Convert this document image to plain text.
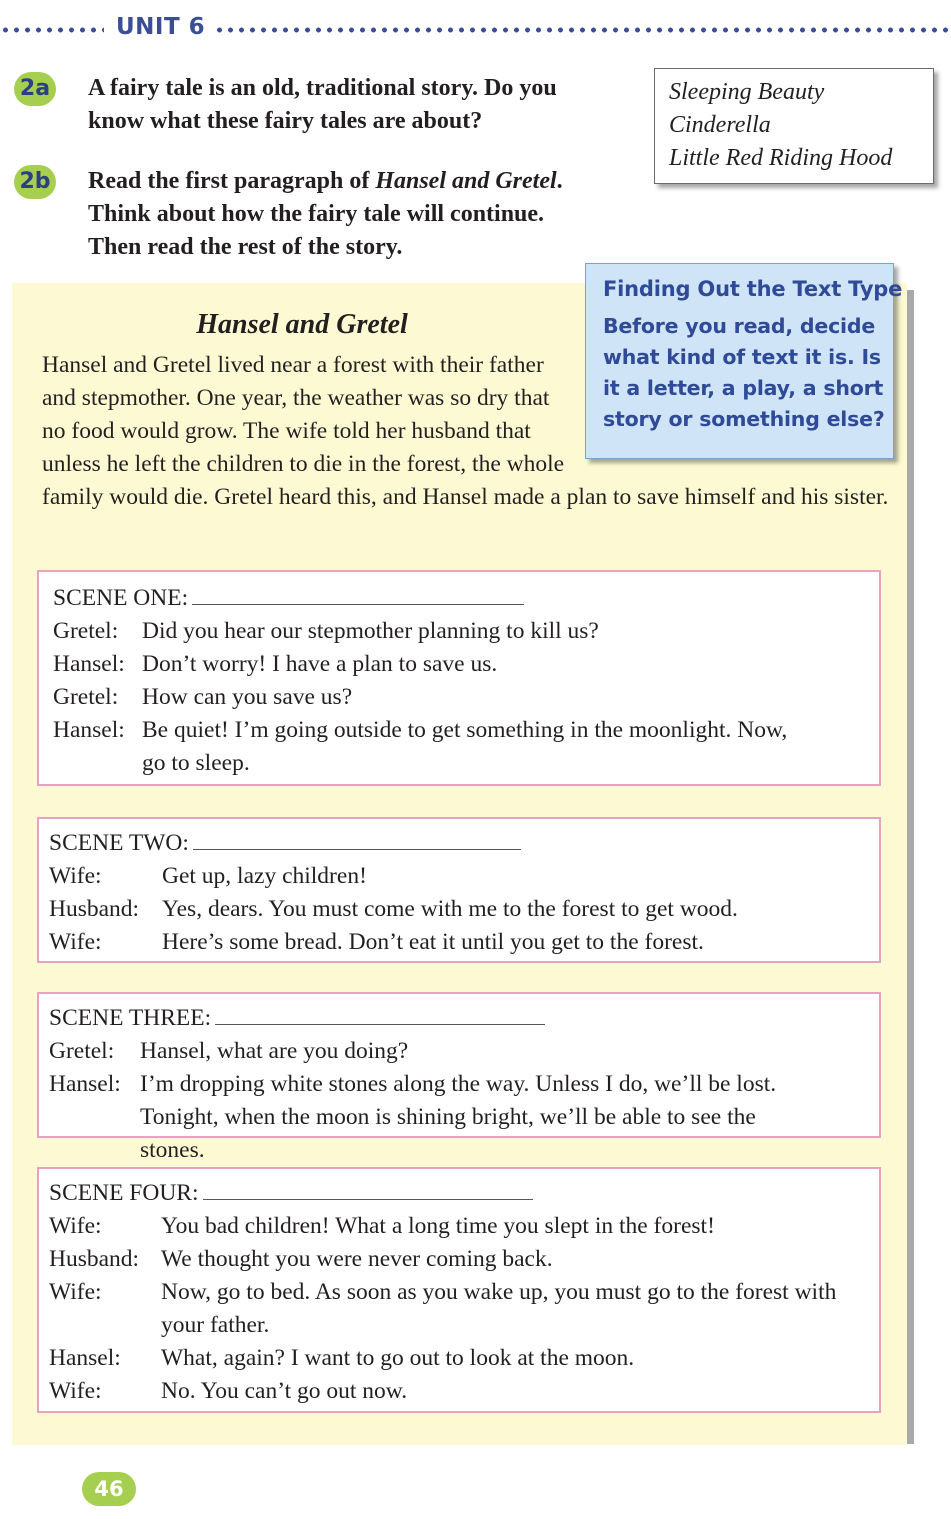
UNIT 6
2a A fairy tale is an old, traditional story. Do you
know what these fairy tales are about?
2b Read the first paragraph of Hansel and Gretel.
Think about how the fairy tale will continue.
Then read the rest of the story.
Sleeping Beauty
Cinderella
Little Red Riding Hood
Hansel and Gretel
Hansel and Gretel lived near a forest with their father and stepmother. One year, the weather was so dry that no food would grow. The wife told her husband that unless he left the children to die in the forest, the whole family would die. Gretel heard this, and Hansel made a plan to save himself and his sister.
Finding Out the Text Type
Before you read, decide what kind of text it is. Is it a letter, a play, a short story or something else?
SCENE ONE:
Gretel:	Did you hear our stepmother planning to kill us?
Hansel: Don’t worry! I have a plan to save us.
Gretel:	How can you save us?
Hansel: Be quiet! I’m going outside to get something in the moonlight. Now, go to sleep.
SCENE TWO:
Wife:	Get up, lazy children!
Husband: Yes, dears. You must come with me to the forest to get wood.
Wife:	Here’s some bread. Don’t eat it until you get to the forest.
SCENE THREE:
Gretel:	Hansel, what are you doing?
Hansel: I’m dropping white stones along the way. Unless I do, we’ll be lost. Tonight, when the moon is shining bright, we’ll be able to see the stones.
SCENE FOUR:
Wife:	You bad children! What a long time you slept in the forest!
Husband: We thought you were never coming back.
Wife:	Now, go to bed. As soon as you wake up, you must go to the forest with your father.
Hansel:	What, again? I want to go out to look at the moon.
Wife:	No. You can’t go out now.
46
